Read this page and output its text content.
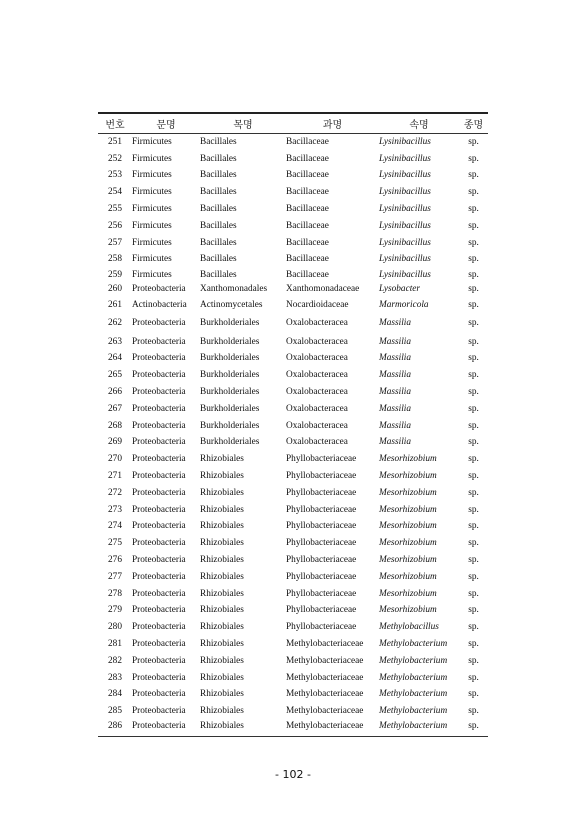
번호	문명	목명	과명	속명	종명
251	Firmicutes	Bacillales	Bacillaceae	Lysinibacillus	sp.
252	Firmicutes	Bacillales	Bacillaceae	Lysinibacillus	sp.
253	Firmicutes	Bacillales	Bacillaceae	Lysinibacillus	sp.
254	Firmicutes	Bacillales	Bacillaceae	Lysinibacillus	sp.
255	Firmicutes	Bacillales	Bacillaceae	Lysinibacillus	sp.
256	Firmicutes	Bacillales	Bacillaceae	Lysinibacillus	sp.
257	Firmicutes	Bacillales	Bacillaceae	Lysinibacillus	sp.
258	Firmicutes	Bacillales	Bacillaceae	Lysinibacillus	sp.
259	Firmicutes	Bacillales	Bacillaceae	Lysinibacillus	sp.
260	Proteobacteria	Xanthomonadales	Xanthomonadaceae	Lysobacter	sp.
261	Actinobacteria	Actinomycetales	Nocardioidaceae	Marmoricola	sp.
262	Proteobacteria	Burkholderiales	Oxalobacteracea	Massilia	sp.
263	Proteobacteria	Burkholderiales	Oxalobacteracea	Massilia	sp.
264	Proteobacteria	Burkholderiales	Oxalobacteracea	Massilia	sp.
265	Proteobacteria	Burkholderiales	Oxalobacteracea	Massilia	sp.
266	Proteobacteria	Burkholderiales	Oxalobacteracea	Massilia	sp.
267	Proteobacteria	Burkholderiales	Oxalobacteracea	Massilia	sp.
268	Proteobacteria	Burkholderiales	Oxalobacteracea	Massilia	sp.
269	Proteobacteria	Burkholderiales	Oxalobacteracea	Massilia	sp.
270	Proteobacteria	Rhizobiales	Phyllobacteriaceae	Mesorhizobium	sp.
271	Proteobacteria	Rhizobiales	Phyllobacteriaceae	Mesorhizobium	sp.
272	Proteobacteria	Rhizobiales	Phyllobacteriaceae	Mesorhizobium	sp.
273	Proteobacteria	Rhizobiales	Phyllobacteriaceae	Mesorhizobium	sp.
274	Proteobacteria	Rhizobiales	Phyllobacteriaceae	Mesorhizobium	sp.
275	Proteobacteria	Rhizobiales	Phyllobacteriaceae	Mesorhizobium	sp.
276	Proteobacteria	Rhizobiales	Phyllobacteriaceae	Mesorhizobium	sp.
277	Proteobacteria	Rhizobiales	Phyllobacteriaceae	Mesorhizobium	sp.
278	Proteobacteria	Rhizobiales	Phyllobacteriaceae	Mesorhizobium	sp.
279	Proteobacteria	Rhizobiales	Phyllobacteriaceae	Mesorhizobium	sp.
280	Proteobacteria	Rhizobiales	Phyllobacteriaceae	Methylobacillus	sp.
281	Proteobacteria	Rhizobiales	Methylobacteriaceae	Methylobacterium	sp.
282	Proteobacteria	Rhizobiales	Methylobacteriaceae	Methylobacterium	sp.
283	Proteobacteria	Rhizobiales	Methylobacteriaceae	Methylobacterium	sp.
284	Proteobacteria	Rhizobiales	Methylobacteriaceae	Methylobacterium	sp.
285	Proteobacteria	Rhizobiales	Methylobacteriaceae	Methylobacterium	sp.
286	Proteobacteria	Rhizobiales	Methylobacteriaceae	Methylobacterium	sp.
- 102 -
